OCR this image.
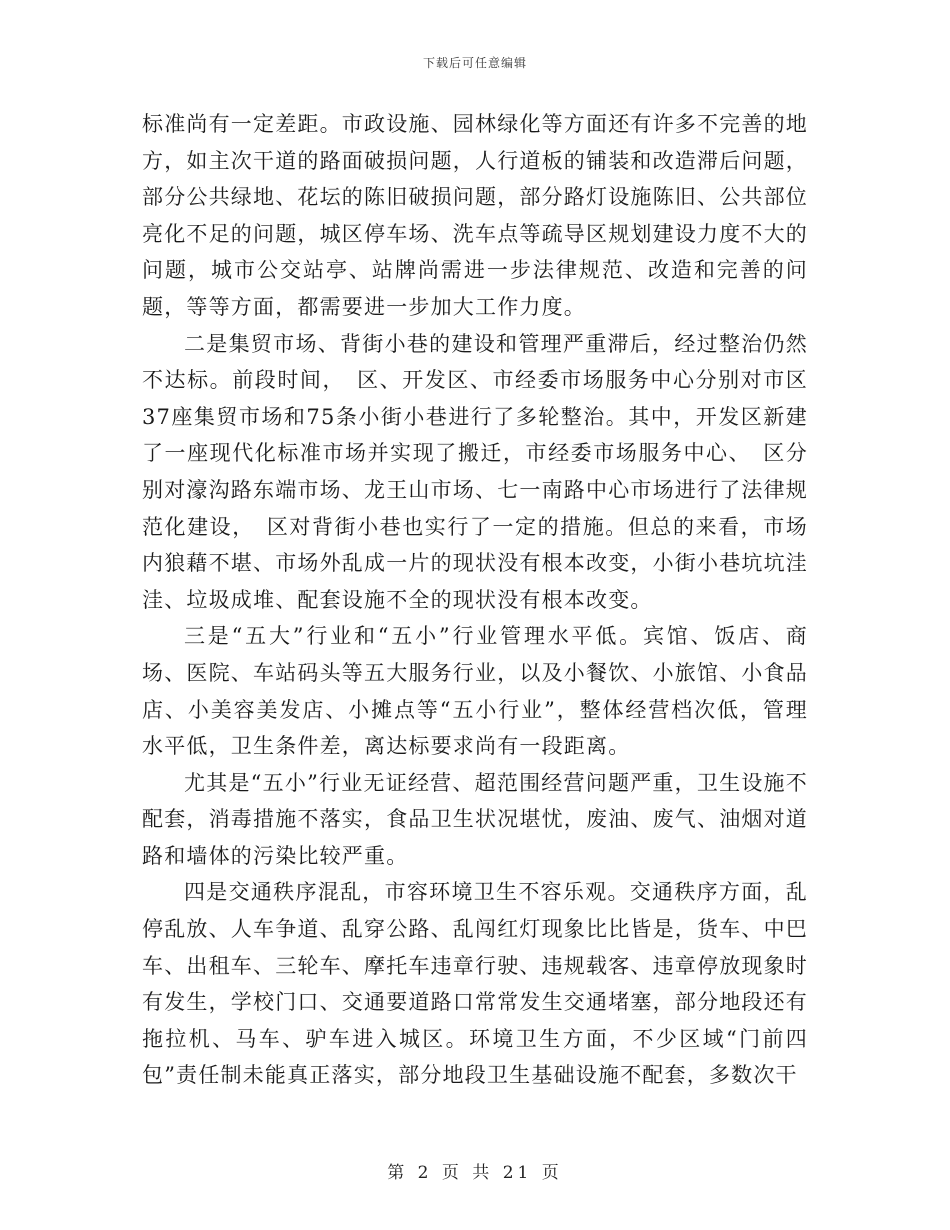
下载后可任意编辑

标准尚有一定差距。市政设施、园林绿化等方面还有许多不完善的地方，如主次干道的路面破损问题，人行道板的铺装和改造滞后问题，部分公共绿地、花坛的陈旧破损问题，部分路灯设施陈旧、公共部位亮化不足的问题，城区停车场、洗车点等疏导区规划建设力度不大的问题，城市公交站亭、站牌尚需进一步法律规范、改造和完善的问题，等等方面，都需要进一步加大工作力度。

二是集贸市场、背街小巷的建设和管理严重滞后，经过整治仍然不达标。前段时间，　区、开发区、市经委市场服务中心分别对市区37座集贸市场和75条小街小巷进行了多轮整治。其中，开发区新建了一座现代化标准市场并实现了搬迁，市经委市场服务中心、　区分别对濠沟路东端市场、龙王山市场、七一南路中心市场进行了法律规范化建设，　区对背街小巷也实行了一定的措施。但总的来看，市场内狼藉不堪、市场外乱成一片的现状没有根本改变，小街小巷坑坑洼洼、垃圾成堆、配套设施不全的现状没有根本改变。

三是“五大”行业和“五小”行业管理水平低。宾馆、饭店、商场、医院、车站码头等五大服务行业，以及小餐饮、小旅馆、小食品店、小美容美发店、小摊点等“五小行业”，整体经营档次低，管理水平低，卫生条件差，离达标要求尚有一段距离。

尤其是“五小”行业无证经营、超范围经营问题严重，卫生设施不配套，消毒措施不落实，食品卫生状况堪忧，废油、废气、油烟对道路和墙体的污染比较严重。

四是交通秩序混乱，市容环境卫生不容乐观。交通秩序方面，乱停乱放、人车争道、乱穿公路、乱闯红灯现象比比皆是，货车、中巴车、出租车、三轮车、摩托车违章行驶、违规载客、违章停放现象时有发生，学校门口、交通要道路口常常发生交通堵塞，部分地段还有拖拉机、马车、驴车进入城区。环境卫生方面，不少区域“门前四包”责任制未能真正落实，部分地段卫生基础设施不配套，多数次干

第 2 页 共 21 页
